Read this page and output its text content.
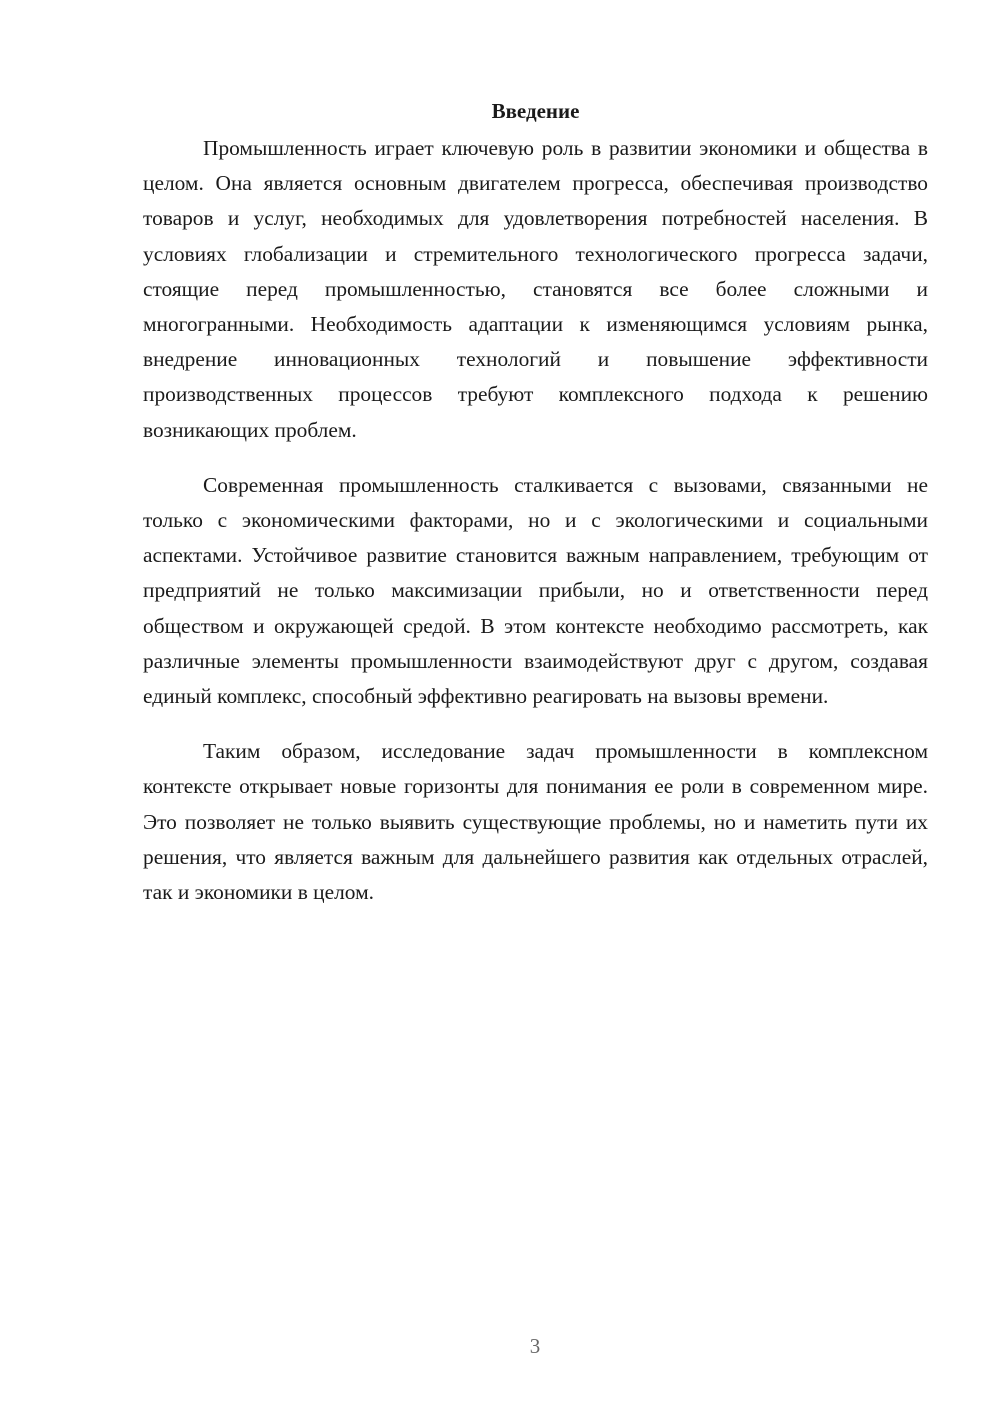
Введение

Промышленность играет ключевую роль в развитии экономики и общества в целом. Она является основным двигателем прогресса, обеспечивая производство товаров и услуг, необходимых для удовлетворения потребностей населения. В условиях глобализации и стремительного технологического прогресса задачи, стоящие перед промышленностью, становятся все более сложными и многогранными. Необходимость адаптации к изменяющимся условиям рынка, внедрение инновационных технологий и повышение эффективности производственных процессов требуют комплексного подхода к решению возникающих проблем.

Современная промышленность сталкивается с вызовами, связанными не только с экономическими факторами, но и с экологическими и социальными аспектами. Устойчивое развитие становится важным направлением, требующим от предприятий не только максимизации прибыли, но и ответственности перед обществом и окружающей средой. В этом контексте необходимо рассмотреть, как различные элементы промышленности взаимодействуют друг с другом, создавая единый комплекс, способный эффективно реагировать на вызовы времени.

Таким образом, исследование задач промышленности в комплексном контексте открывает новые горизонты для понимания ее роли в современном мире. Это позволяет не только выявить существующие проблемы, но и наметить пути их решения, что является важным для дальнейшего развития как отдельных отраслей, так и экономики в целом.

3
